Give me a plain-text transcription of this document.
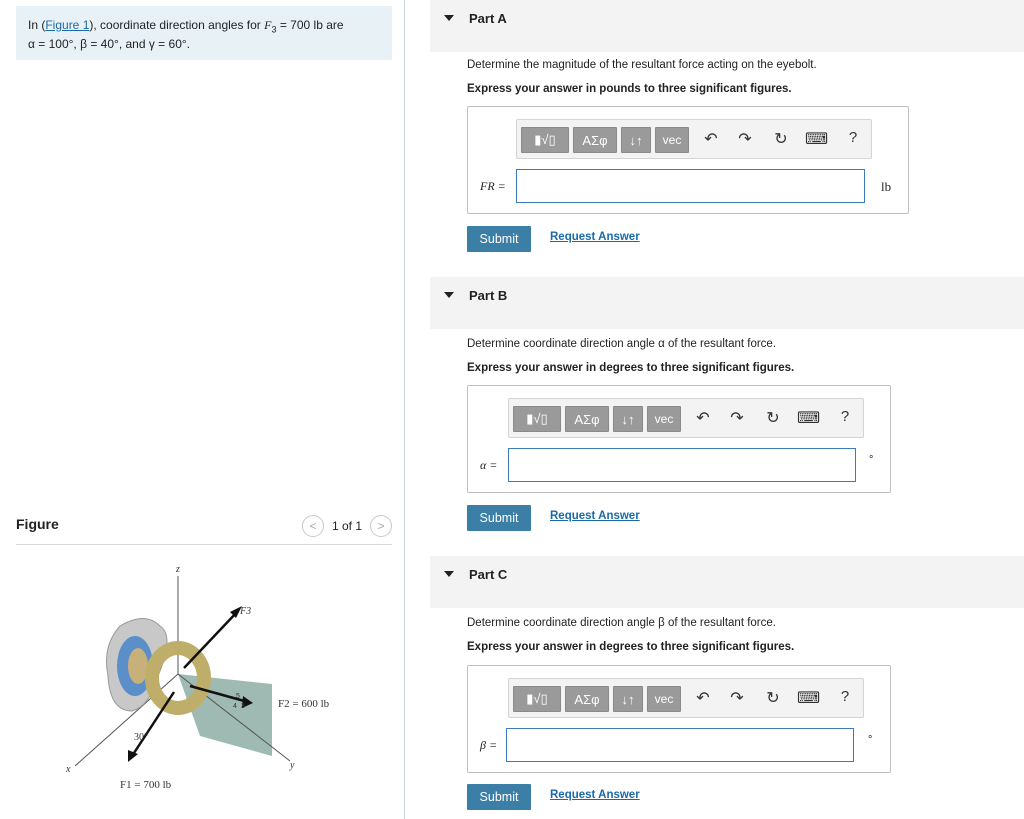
In (Figure 1), coordinate direction angles for $F_3 = 700$ lb are
α = 100°, β = 40°, and γ = 60°.
Figure	<	1 of 1	>
z
x	y
F3
F2 = 600 lb
F1 = 700 lb
30°
5
4 3
Part A
Determine the magnitude of the resultant force acting on the eyebolt.
Express your answer in pounds to three significant figures.
▮√▯	ΑΣφ	↓↑	vec	↶ ↷ ↻ ⌨	?
FR =	lb
Submit	Request Answer
Part B
Determine coordinate direction angle α of the resultant force.
Express your answer in degrees to three significant figures.
▮√▯	ΑΣφ	↓↑	vec	↶ ↷ ↻ ⌨	?
α =	°
Submit	Request Answer
Part C
Determine coordinate direction angle β of the resultant force.
Express your answer in degrees to three significant figures.
▮√▯	ΑΣφ	↓↑	vec	↶ ↷ ↻ ⌨	?
β =	°
Submit	Request Answer
